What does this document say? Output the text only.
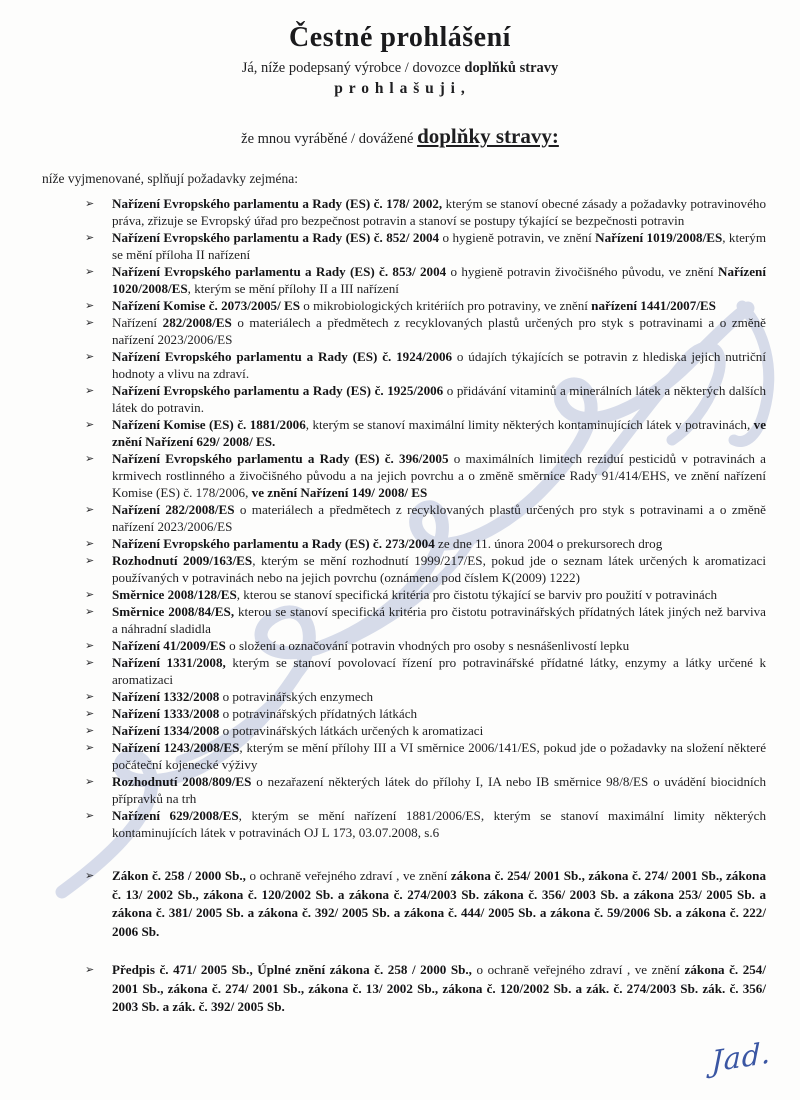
Čestné prohlášení

Já, níže podepsaný výrobce / dovozce doplňků stravy

p r o h l a š u j i ,

že mnou vyráběné / dovážené doplňky stravy:

níže vyjmenované, splňují požadavky zejména:

➢	Nařízení Evropského parlamentu a Rady (ES) č. 178/ 2002, kterým se stanoví obecné zásady a požadavky potravinového práva, zřizuje se Evropský úřad pro bezpečnost potravin a stanoví se postupy týkající se bezpečnosti potravin
➢	Nařízení Evropského parlamentu a Rady (ES) č. 852/ 2004 o hygieně potravin, ve znění Nařízení 1019/2008/ES, kterým se mění příloha II nařízení
➢	Nařízení Evropského parlamentu a Rady (ES) č. 853/ 2004 o hygieně potravin živočišného původu, ve znění Nařízení 1020/2008/ES, kterým se mění přílohy II a III nařízení
➢	Nařízení Komise č. 2073/2005/ ES o mikrobiologických kritériích pro potraviny, ve znění nařízení 1441/2007/ES
➢	Nařízení 282/2008/ES o materiálech a předmětech z recyklovaných plastů určených pro styk s potravinami a o změně nařízení 2023/2006/ES
➢	Nařízení Evropského parlamentu a Rady (ES) č. 1924/2006 o údajích týkajících se potravin z hlediska jejich nutriční hodnoty a vlivu na zdraví.
➢	Nařízení Evropského parlamentu a Rady (ES) č. 1925/2006 o přidávání vitaminů a minerálních látek a některých dalších látek do potravin.
➢	Nařízení Komise (ES) č. 1881/2006, kterým se stanoví maximální limity některých kontaminujících látek v potravinách, ve znění Nařízení 629/ 2008/ ES.
➢	Nařízení Evropského parlamentu a Rady (ES) č. 396/2005 o maximálních limitech reziduí pesticidů v potravinách a krmivech rostlinného a živočišného původu a na jejich povrchu a o změně směrnice Rady 91/414/EHS, ve znění nařízení Komise (ES) č. 178/2006, ve znění Nařízení 149/ 2008/ ES
➢	Nařízení 282/2008/ES o materiálech a předmětech z recyklovaných plastů určených pro styk s potravinami a o změně nařízení 2023/2006/ES
➢	Nařízení Evropského parlamentu a Rady (ES) č. 273/2004 ze dne 11. února 2004 o prekursorech drog
➢	Rozhodnutí 2009/163/ES, kterým se mění rozhodnutí 1999/217/ES, pokud jde o seznam látek určených k aromatizaci používaných v potravinách nebo na jejich povrchu (oznámeno pod číslem K(2009) 1222)
➢	Směrnice 2008/128/ES, kterou se stanoví specifická kritéria pro čistotu týkající se barviv pro použití v potravinách
➢	Směrnice 2008/84/ES, kterou se stanoví specifická kritéria pro čistotu potravinářských přídatných látek jiných než barviva a náhradní sladidla
➢	Nařízení 41/2009/ES o složení a označování potravin vhodných pro osoby s nesnášenlivostí lepku
➢	Nařízení 1331/2008, kterým se stanoví povolovací řízení pro potravinářské přídatné látky, enzymy a látky určené k aromatizaci
➢	Nařízení 1332/2008 o potravinářských enzymech
➢	Nařízení 1333/2008 o potravinářských přídatných látkách
➢	Nařízení 1334/2008 o potravinářských látkách určených k aromatizaci
➢	Nařízení 1243/2008/ES, kterým se mění přílohy III a VI směrnice 2006/141/ES, pokud jde o požadavky na složení některé počáteční kojenecké výživy
➢	Rozhodnutí 2008/809/ES o nezařazení některých látek do přílohy I, IA nebo IB směrnice 98/8/ES o uvádění biocidních přípravků na trh
➢	Nařízení 629/2008/ES, kterým se mění nařízení 1881/2006/ES, kterým se stanoví maximální limity některých kontaminujících látek v potravinách OJ L 173, 03.07.2008, s.6
➢	Zákon č. 258 / 2000 Sb., o ochraně veřejného zdraví , ve znění zákona č. 254/ 2001 Sb., zákona č. 274/ 2001 Sb., zákona č. 13/ 2002 Sb., zákona č. 120/2002 Sb. a zákona č. 274/2003 Sb. zákona č. 356/ 2003 Sb. a zákona 253/ 2005 Sb. a zákona č. 381/ 2005 Sb. a zákona č. 392/ 2005 Sb. a zákona č. 444/ 2005 Sb. a zákona č. 59/2006 Sb. a zákona č. 222/ 2006 Sb.
➢	Předpis č. 471/ 2005 Sb., Úplné znění zákona č. 258 / 2000 Sb., o ochraně veřejného zdraví , ve znění zákona č. 254/ 2001 Sb., zákona č. 274/ 2001 Sb., zákona č. 13/ 2002 Sb., zákona č. 120/2002 Sb. a zák. č. 274/2003 Sb. zák. č. 356/ 2003 Sb. a zák. č. 392/ 2005 Sb.
Jad.
